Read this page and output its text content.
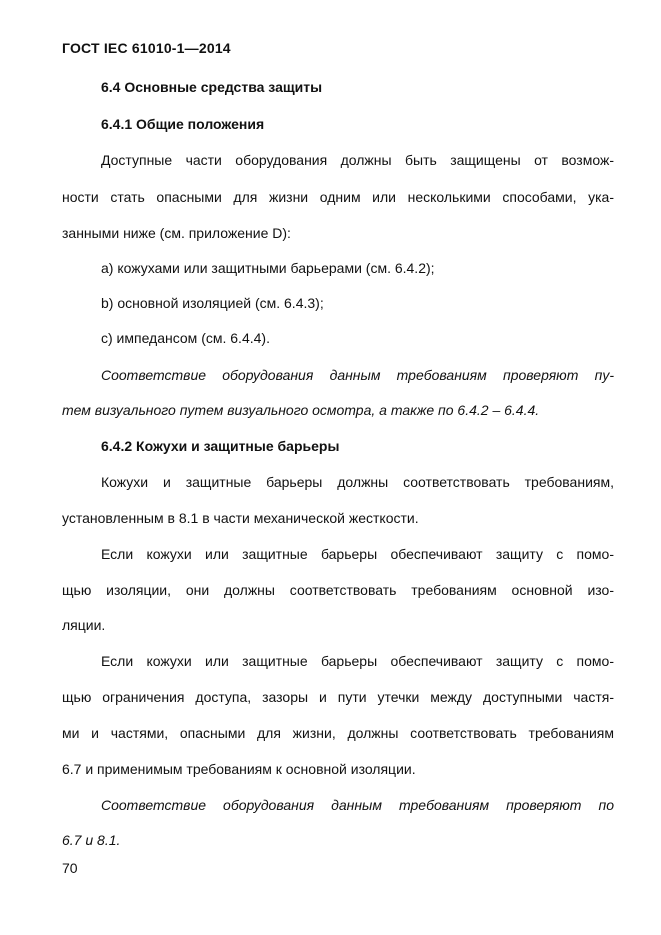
ГОСТ IEC 61010-1—2014
6.4 Основные средства защиты
6.4.1 Общие положения
Доступные части оборудования должны быть защищены от возмож-
ности стать опасными для жизни одним или несколькими способами, ука-
занными ниже (см. приложение D):
a) кожухами или защитными барьерами (см. 6.4.2);
b) основной изоляцией (см. 6.4.3);
c) импедансом (см. 6.4.4).
Соответствие оборудования данным требованиям проверяют пу-
тем визуального путем визуального осмотра, а также по 6.4.2 – 6.4.4.
6.4.2 Кожухи и защитные барьеры
Кожухи и защитные барьеры должны соответствовать требованиям,
установленным в 8.1 в части механической жесткости.
Если кожухи или защитные барьеры обеспечивают защиту с помо-
щью изоляции, они должны соответствовать требованиям основной изо-
ляции.
Если кожухи или защитные барьеры обеспечивают защиту с помо-
щью ограничения доступа, зазоры и пути утечки между доступными частя-
ми и частями, опасными для жизни, должны соответствовать требованиям
6.7 и применимым требованиям к основной изоляции.
Соответствие оборудования данным требованиям проверяют по
6.7 и 8.1.
70
